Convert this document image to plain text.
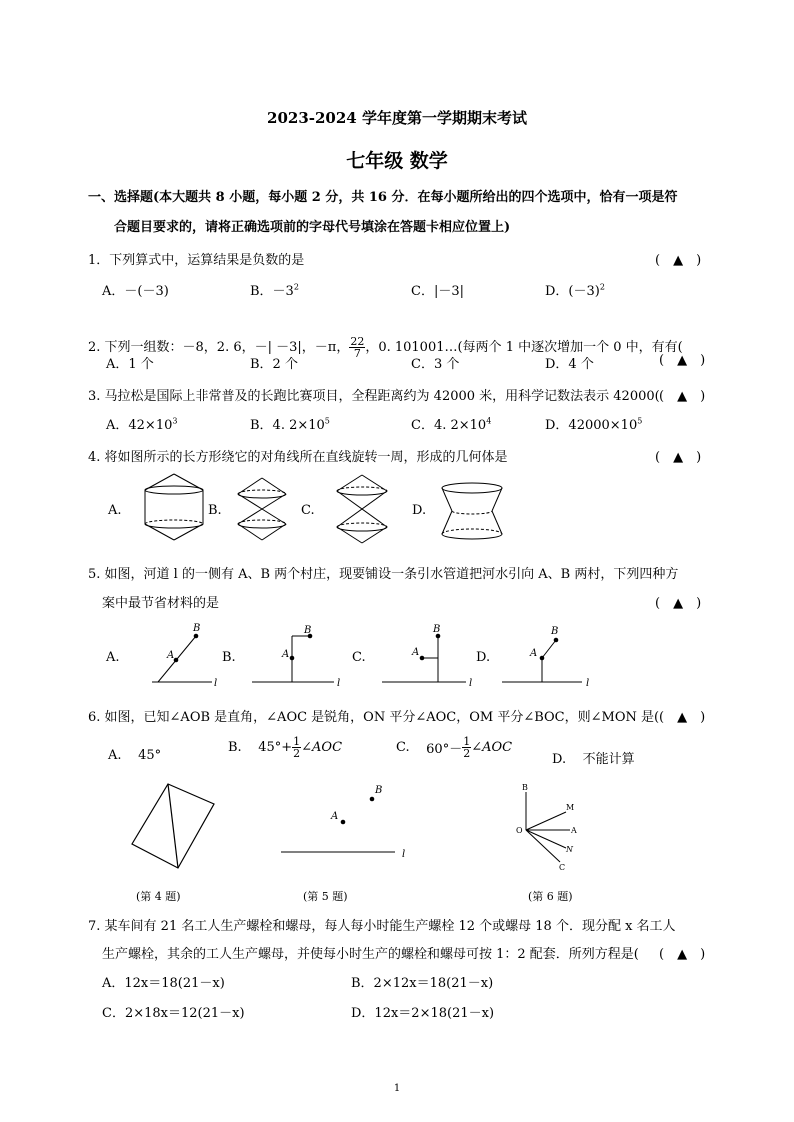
2023-2024 学年度第一学期期末考试
七年级 数学
一、选择题(本大题共 8 小题，每小题 2 分，共 16 分．在每小题所给出的四个选项中，恰有一项是符
合题目要求的，请将正确选项前的字母代号填涂在答题卡相应位置上)
1．下列算式中，运算结果是负数的是	(　▲　)
A．－(－3)	B．$-3^2$	C．|－3|	D．$(-3)^2$
2. 下列一组数：－8，2. 6，－| －3|，－π， $\frac{22}{7}$ ，0. 101001…(每两个 1 中逐次增加一个 0 中，有有(
(　▲　)
A．1 个	B．2 个	C．3 个	D．4 个
3. 马拉松是国际上非常普及的长跑比赛项目，全程距离约为 42000 米，用科学记数法表示 42000( (　▲　)
A．$42\times 10^3$	B．4. $2\times 10^5$	C．4. $2\times 10^4$	D．$42000\times 10^5$
4. 将如图所示的长方形绕它的对角线所在直线旋转一周，形成的几何体是	(　▲　)
A.	B.	C.	D.
5. 如图，河道 l 的一侧有 A、B 两个村庄，现要铺设一条引水管道把河水引向 A、B 两村，下列四种方
案中最节省材料的是	(　▲　)
A.	A
B
l
B.	A
B
l
C.	A
B
l
D.	A
B
l
6. 如图，已知∠AOB 是直角，∠AOC 是锐角，ON 平分∠AOC，OM 平分∠BOC，则∠MON 是( (　▲　)
A. 45°
B. $45^\circ+ \frac{1}{2}$ ∠AOC	C. $60^\circ- \frac{1}{2}$ ∠AOC
D. 不能计算
(第 4 题)
A
B
l
(第 5 题)
B
M
O	A
N
C
(第 6 题)
7. 某车间有 21 名工人生产螺栓和螺母，每人每小时能生产螺栓 12 个或螺母 18 个．现分配 x 名工人
生产螺栓，其余的工人生产螺母，并使每小时生产的螺栓和螺母可按 1：2 配套．所列方程是( (　▲　)
A．12x＝18(21－x)	B．2×12x＝18(21－x)
C．2×18x＝12(21－x)	D．12x＝2×18(21－x)
1
